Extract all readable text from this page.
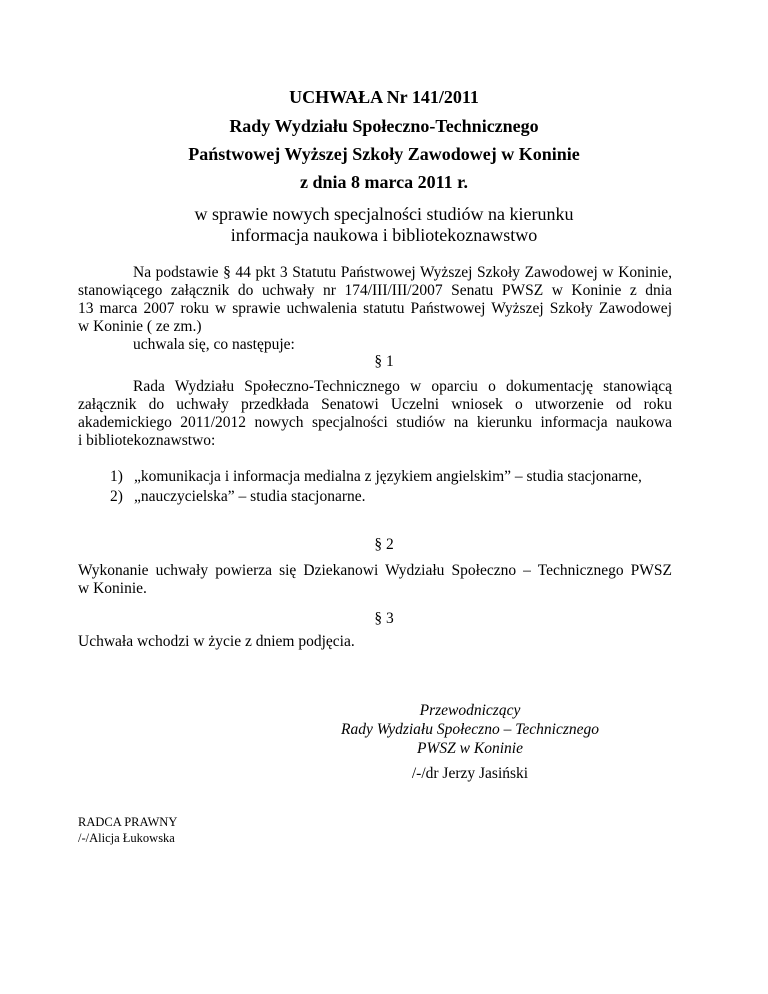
UCHWAŁA Nr 141/2011
Rady Wydziału Społeczno-Technicznego
Państwowej Wyższej Szkoły Zawodowej w Koninie
z dnia 8 marca 2011 r.
w sprawie nowych specjalności studiów na kierunku
informacja naukowa i bibliotekoznawstwo
Na podstawie § 44 pkt 3 Statutu Państwowej Wyższej Szkoły Zawodowej w Koninie,
stanowiącego załącznik do uchwały nr 174/III/III/2007 Senatu PWSZ w Koninie z dnia
13 marca 2007 roku w sprawie uchwalenia statutu Państwowej Wyższej Szkoły Zawodowej
w Koninie ( ze zm.)
uchwala się, co następuje:
§ 1
Rada Wydziału Społeczno-Technicznego w oparciu o dokumentację stanowiącą
załącznik do uchwały przedkłada Senatowi Uczelni wniosek o utworzenie od roku
akademickiego 2011/2012 nowych specjalności studiów na kierunku informacja naukowa
i bibliotekoznawstwo:
1) „komunikacja i informacja medialna z językiem angielskim” – studia stacjonarne,
2) „nauczycielska” – studia stacjonarne.
§ 2
Wykonanie uchwały powierza się Dziekanowi Wydziału Społeczno – Technicznego PWSZ
w Koninie.
§ 3
Uchwała wchodzi w życie z dniem podjęcia.
Przewodniczący
Rady Wydziału Społeczno – Technicznego
PWSZ w Koninie
/-/dr Jerzy Jasiński
RADCA PRAWNY
/-/Alicja Łukowska
